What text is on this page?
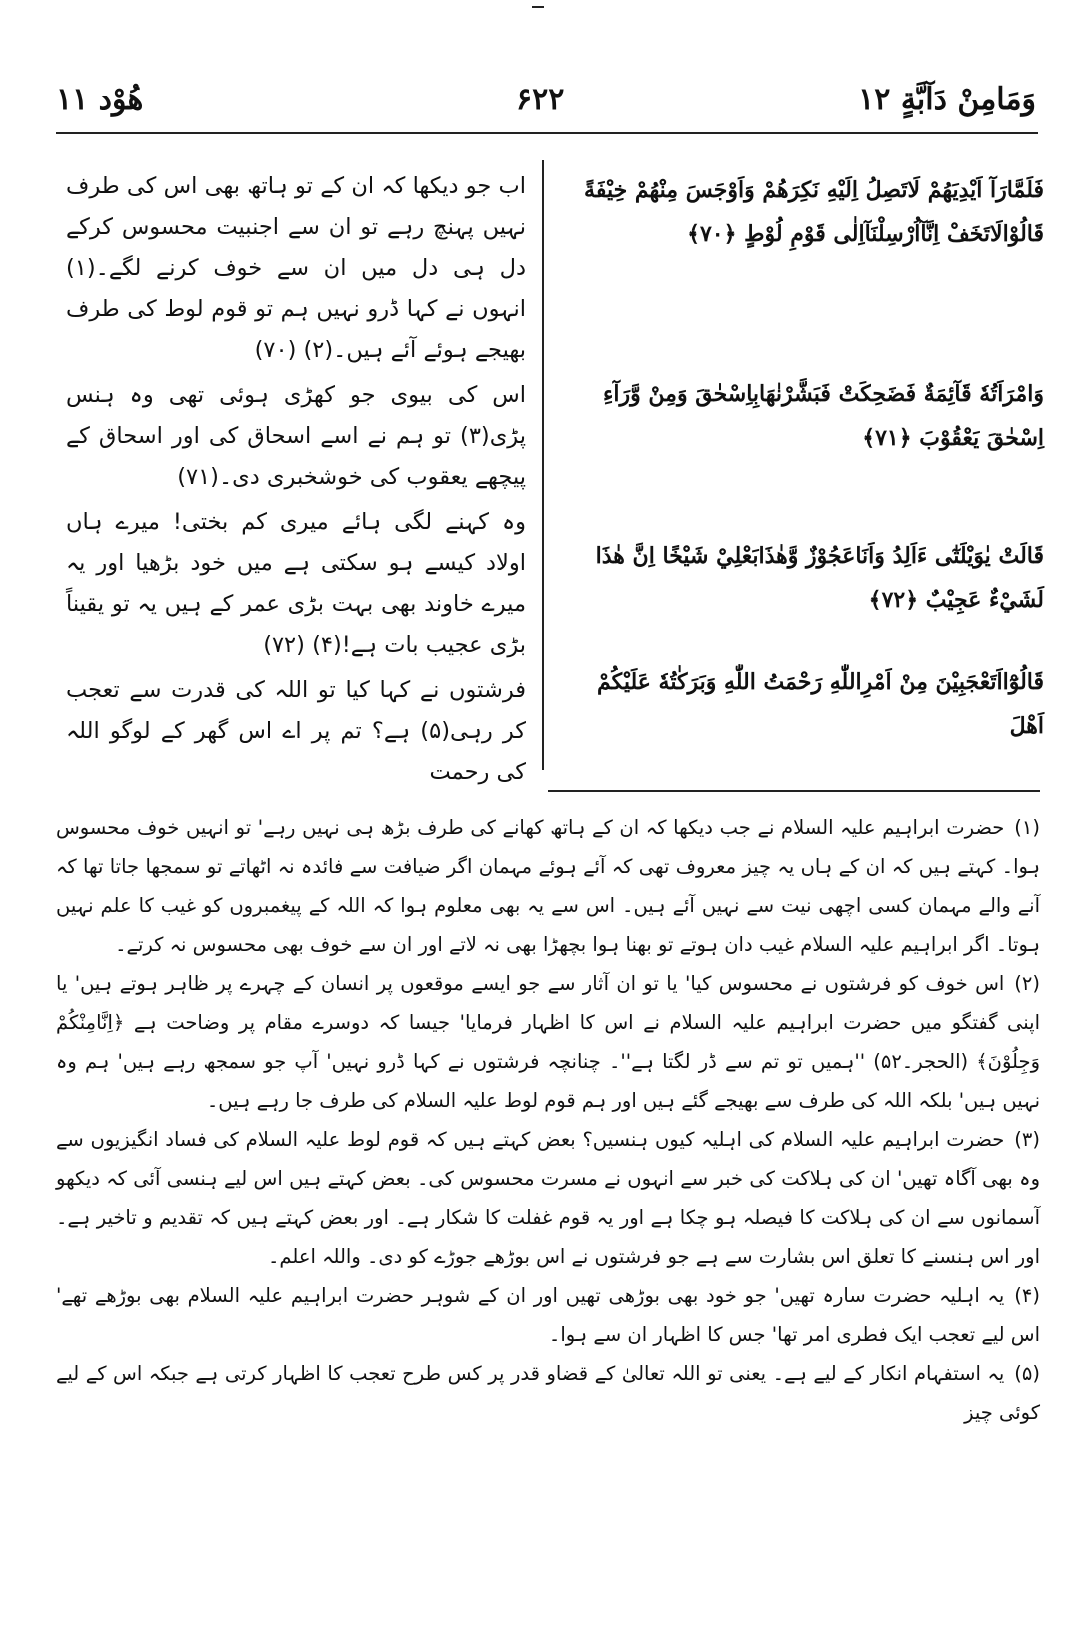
ھُوْد ۱۱	۶۲۲	وَمَامِنْ دَآبَّةٍ ۱۲
فَلَمَّارَآ اَيْدِيَهُمْ لَاتَصِلُ اِلَيْهِ نَكِرَهُمْ وَاَوْجَسَ مِنْهُمْ خِيْفَةً قَالُوْالَاتَخَفْ اِنَّآاُرْسِلْنَآاِلٰى قَوْمِ لُوْطٍ ﴿۷۰﴾
وَامْرَاَتُهٗ قَآئِمَةٌ فَضَحِكَتْ فَبَشَّرْنٰهَابِاِسْحٰقَ وَمِنْ وَّرَآءِ اِسْحٰقَ يَعْقُوْبَ ﴿۷۱﴾
قَالَتْ يٰوَيْلَتٰٓى ءَاَلِدُ وَاَنَاعَجُوْزٌ وَّهٰذَابَعْلِيْ شَيْخًا اِنَّ هٰذَا لَشَيْءٌ عَجِيْبٌ ﴿۷۲﴾
قَالُوْٓااَتَعْجَبِيْنَ مِنْ اَمْرِاللّٰهِ رَحْمَتُ اللّٰهِ وَبَرَكٰتُهٗ عَلَيْكُمْ اَهْلَ

اب جو دیکھا کہ ان کے تو ہاتھ بھی اس کی طرف نہیں پہنچ رہے تو ان سے اجنبیت محسوس کرکے دل ہی دل میں ان سے خوف کرنے لگے۔(۱) انہوں نے کہا ڈرو نہیں ہم تو قوم لوط کی طرف بھیجے ہوئے آئے ہیں۔(۲) (۷۰)

اس کی بیوی جو کھڑی ہوئی تھی وہ ہنس پڑی(۳) تو ہم نے اسے اسحاق کی اور اسحاق کے پیچھے یعقوب کی خوشخبری دی۔(۷۱)

وہ کہنے لگی ہائے میری کم بختی! میرے ہاں اولاد کیسے ہو سکتی ہے میں خود بڑھیا اور یہ میرے خاوند بھی بہت بڑی عمر کے ہیں یہ تو یقیناً بڑی عجیب بات ہے!(۴) (۷۲)

فرشتوں نے کہا کیا تو اللہ کی قدرت سے تعجب کر رہی(۵) ہے؟ تم پر اے اس گھر کے لوگو اللہ کی رحمت

(۱)حضرت ابراہیم علیہ السلام نے جب دیکھا کہ ان کے ہاتھ کھانے کی طرف بڑھ ہی نہیں رہے' تو انہیں خوف محسوس ہوا۔ کہتے ہیں کہ ان کے ہاں یہ چیز معروف تھی کہ آئے ہوئے مہمان اگر ضیافت سے فائدہ نہ اٹھاتے تو سمجھا جاتا تھا کہ آنے والے مہمان کسی اچھی نیت سے نہیں آئے ہیں۔ اس سے یہ بھی معلوم ہوا کہ اللہ کے پیغمبروں کو غیب کا علم نہیں ہوتا۔ اگر ابراہیم علیہ السلام غیب دان ہوتے تو بھنا ہوا بچھڑا بھی نہ لاتے اور ان سے خوف بھی محسوس نہ کرتے۔

(۲)اس خوف کو فرشتوں نے محسوس کیا' یا تو ان آثار سے جو ایسے موقعوں پر انسان کے چہرے پر ظاہر ہوتے ہیں' یا اپنی گفتگو میں حضرت ابراہیم علیہ السلام نے اس کا اظہار فرمایا' جیسا کہ دوسرے مقام پر وضاحت ہے ﴿اِنَّامِنْكُمْ وَجِلُوْنَ﴾ (الحجر۔۵۲) ''ہمیں تو تم سے ڈر لگتا ہے''۔ چنانچہ فرشتوں نے کہا ڈرو نہیں' آپ جو سمجھ رہے ہیں' ہم وہ نہیں ہیں' بلکہ اللہ کی طرف سے بھیجے گئے ہیں اور ہم قوم لوط علیہ السلام کی طرف جا رہے ہیں۔

(۳)حضرت ابراہیم علیہ السلام کی اہلیہ کیوں ہنسیں؟ بعض کہتے ہیں کہ قوم لوط علیہ السلام کی فساد انگیزیوں سے وہ بھی آگاہ تھیں' ان کی ہلاکت کی خبر سے انہوں نے مسرت محسوس کی۔ بعض کہتے ہیں اس لیے ہنسی آئی کہ دیکھو آسمانوں سے ان کی ہلاکت کا فیصلہ ہو چکا ہے اور یہ قوم غفلت کا شکار ہے۔ اور بعض کہتے ہیں کہ تقدیم و تاخیر ہے۔ اور اس ہنسنے کا تعلق اس بشارت سے ہے جو فرشتوں نے اس بوڑھے جوڑے کو دی۔ واللہ اعلم۔

(۴)یہ اہلیہ حضرت سارہ تھیں' جو خود بھی بوڑھی تھیں اور ان کے شوہر حضرت ابراہیم علیہ السلام بھی بوڑھے تھے' اس لیے تعجب ایک فطری امر تھا' جس کا اظہار ان سے ہوا۔

(۵)یہ استفہام انکار کے لیے ہے۔ یعنی تو اللہ تعالیٰ کے قضاو قدر پر کس طرح تعجب کا اظہار کرتی ہے جبکہ اس کے لیے کوئی چیز
